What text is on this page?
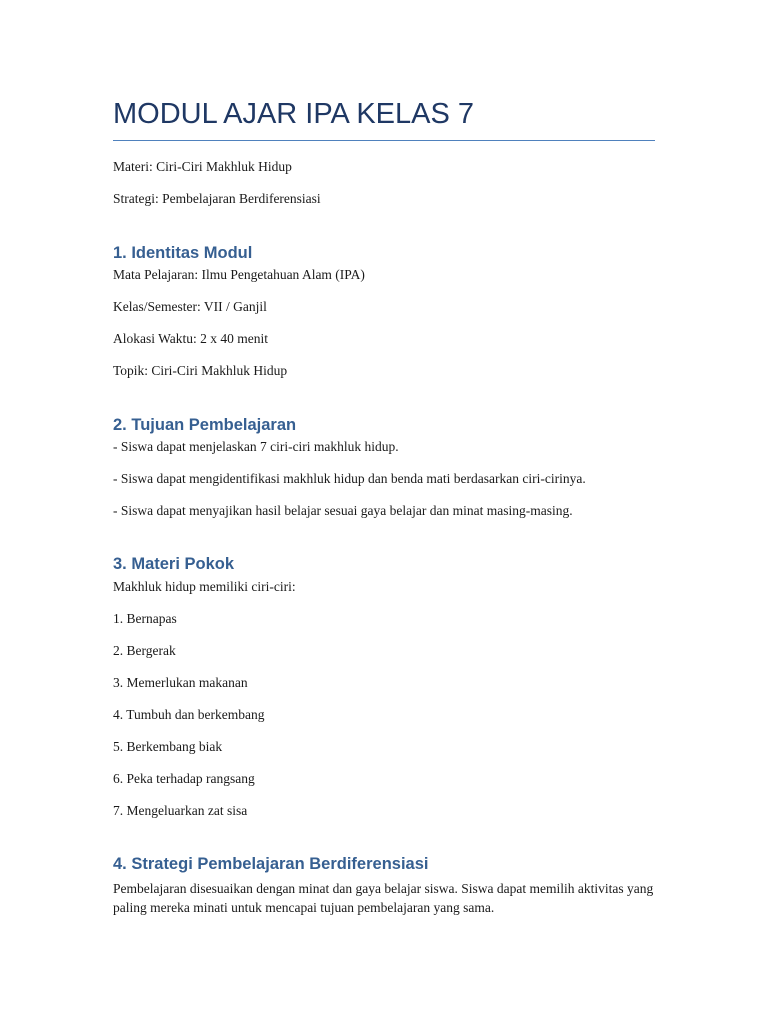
MODUL AJAR IPA KELAS 7
Materi: Ciri-Ciri Makhluk Hidup
Strategi: Pembelajaran Berdiferensiasi
1. Identitas Modul
Mata Pelajaran: Ilmu Pengetahuan Alam (IPA)
Kelas/Semester: VII / Ganjil
Alokasi Waktu: 2 x 40 menit
Topik: Ciri-Ciri Makhluk Hidup
2. Tujuan Pembelajaran
- Siswa dapat menjelaskan 7 ciri-ciri makhluk hidup.
- Siswa dapat mengidentifikasi makhluk hidup dan benda mati berdasarkan ciri-cirinya.
- Siswa dapat menyajikan hasil belajar sesuai gaya belajar dan minat masing-masing.
3. Materi Pokok
Makhluk hidup memiliki ciri-ciri:
1. Bernapas
2. Bergerak
3. Memerlukan makanan
4. Tumbuh dan berkembang
5. Berkembang biak
6. Peka terhadap rangsang
7. Mengeluarkan zat sisa
4. Strategi Pembelajaran Berdiferensiasi
Pembelajaran disesuaikan dengan minat dan gaya belajar siswa. Siswa dapat memilih aktivitas yang paling mereka minati untuk mencapai tujuan pembelajaran yang sama.
